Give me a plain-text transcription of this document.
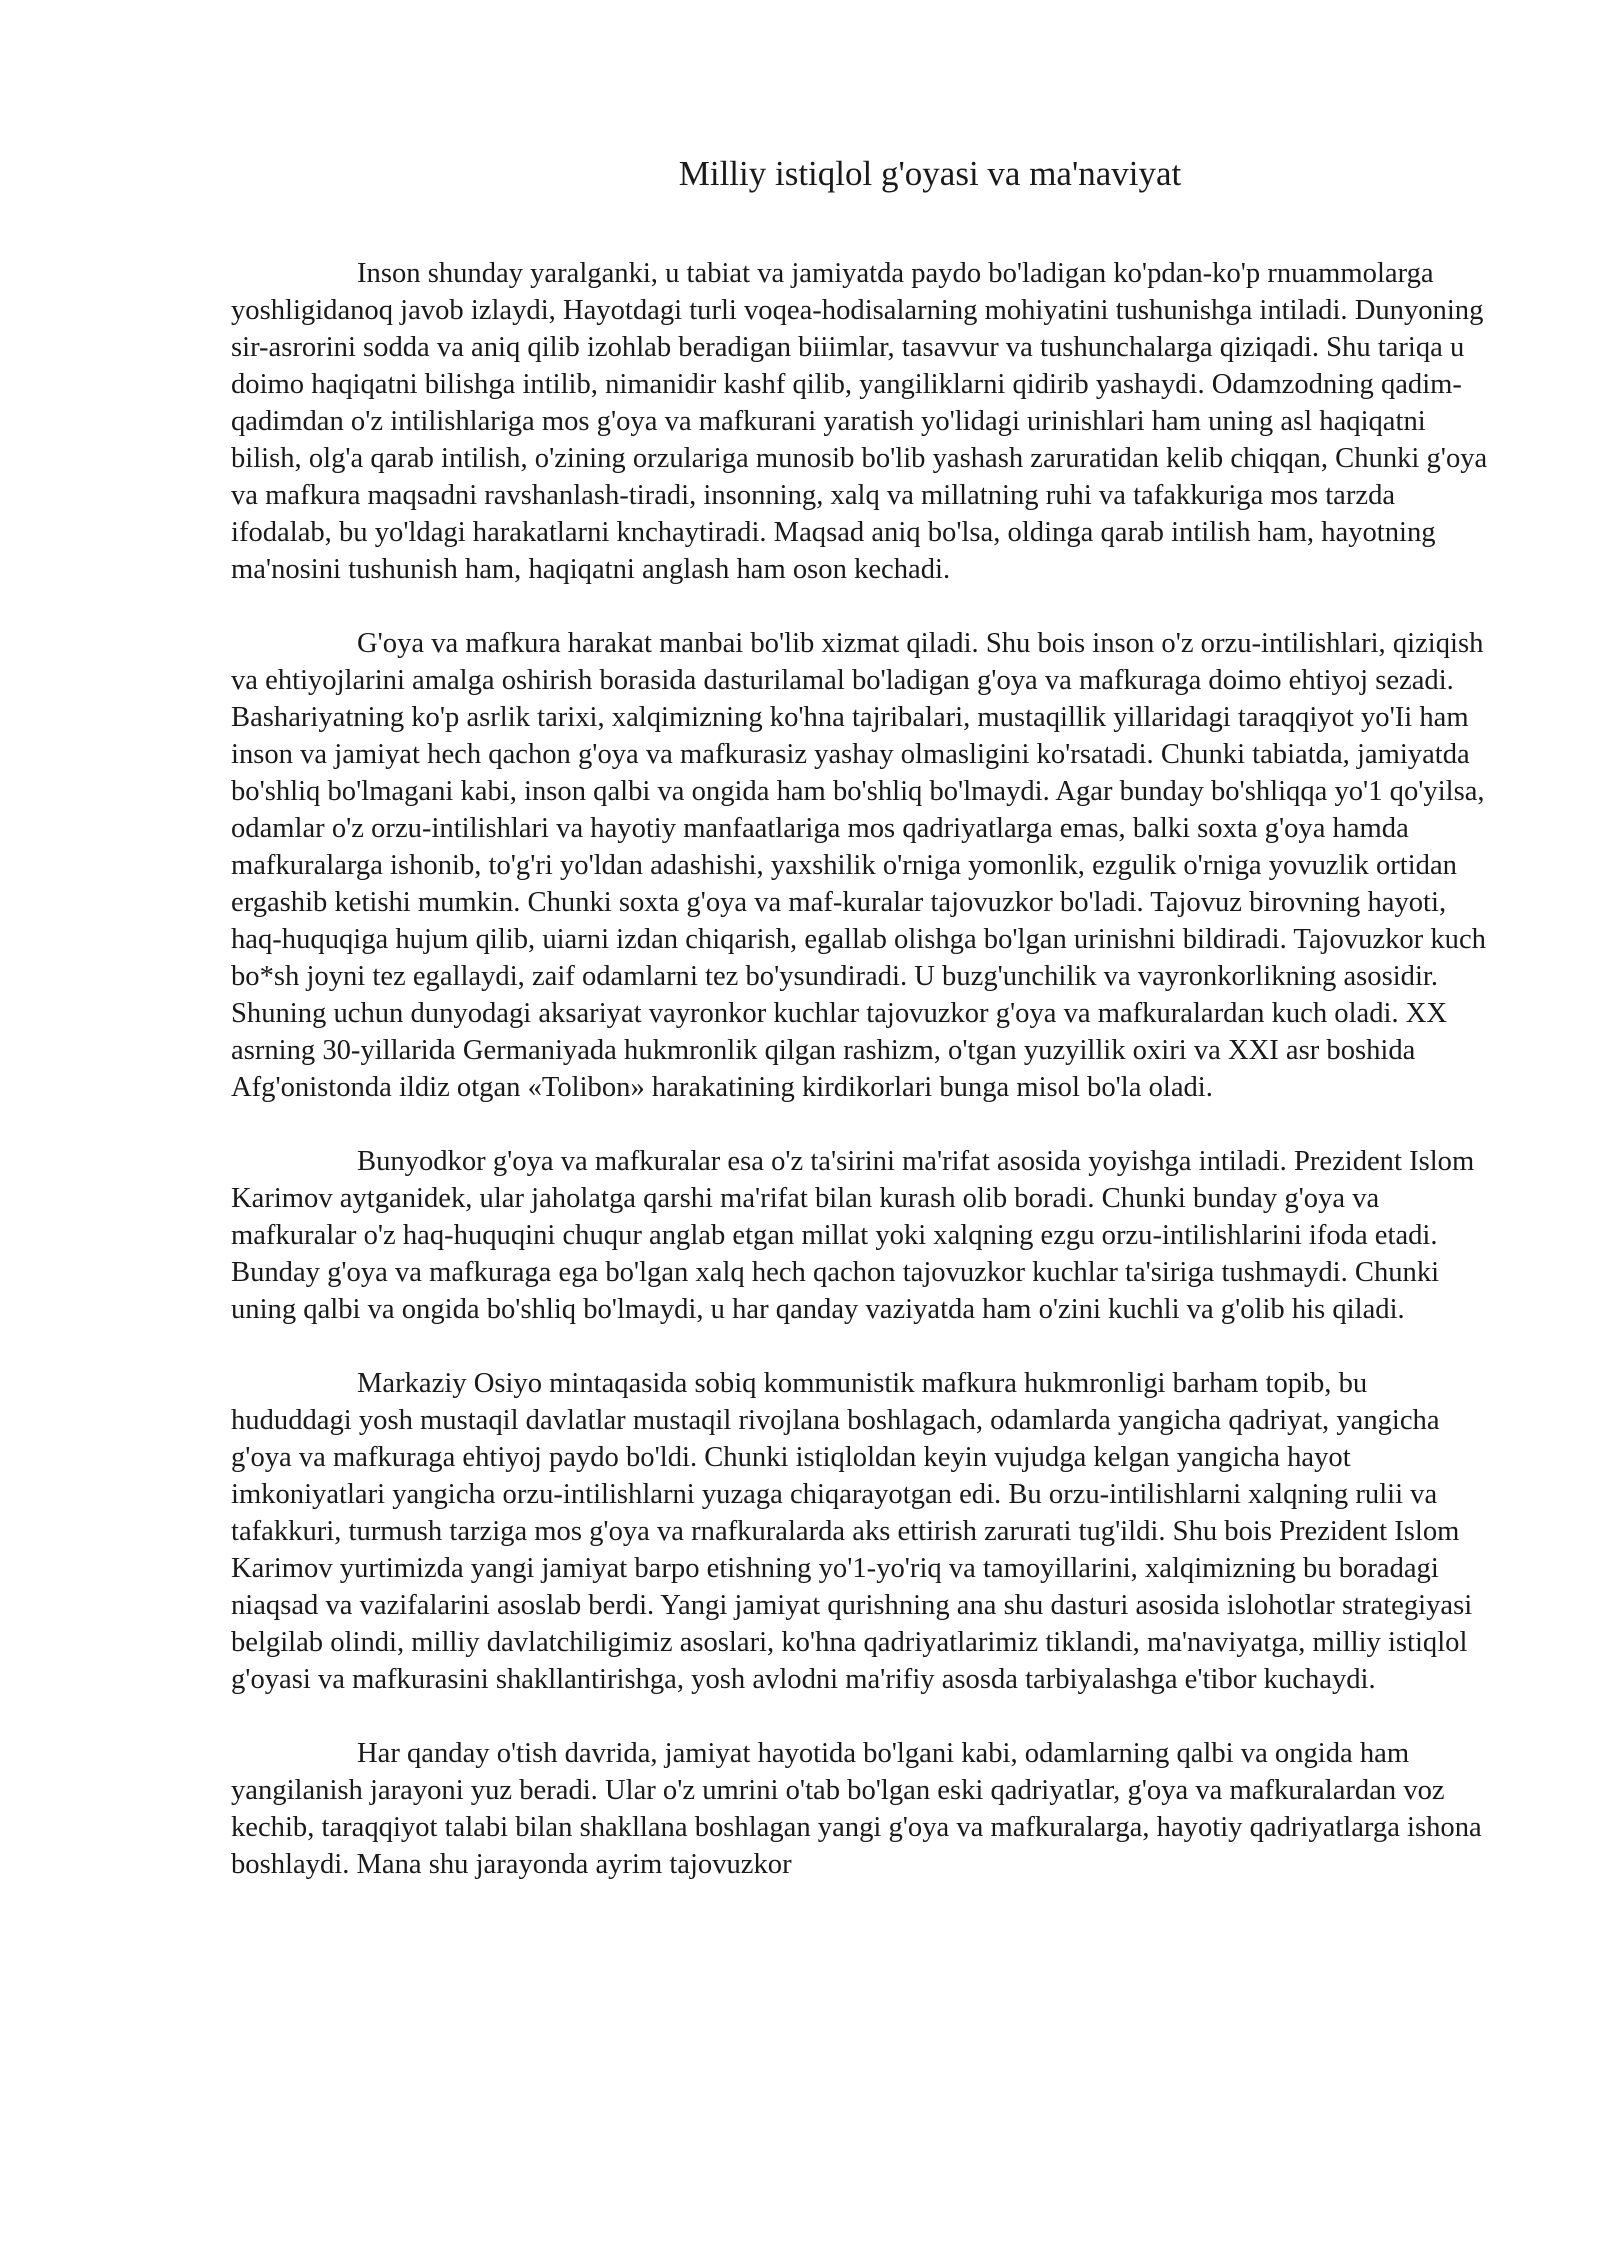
Milliy istiqlol g'oyasi va ma'naviyat

Inson shunday yaralganki, u tabiat va jamiyatda paydo bo'ladigan ko'pdan-ko'p rnuammolarga yoshligidanoq javob izlaydi, Hayotdagi turli voqea-hodisalarning mohiyatini tushunishga intiladi. Dunyoning sir-asrorini sodda va aniq qilib izohlab beradigan biiimlar, tasavvur va tushunchalarga qiziqadi. Shu tariqa u doimo haqiqatni bilishga intilib, nimanidir kashf qilib, yangiliklarni qidirib yashaydi. Odamzodning qadim-qadimdan o'z intilishlariga mos g'oya va mafkurani yaratish yo'lidagi urinishlari ham uning asl haqiqatni bilish, olg'a qarab intilish, o'zining orzulariga munosib bo'lib yashash zaruratidan kelib chiqqan, Chunki g'oya va mafkura maqsadni ravshanlash-tiradi, insonning, xalq va millatning ruhi va tafakkuriga mos tarzda ifodalab, bu yo'ldagi harakatlarni knchaytiradi. Maqsad aniq bo'lsa, oldinga qarab intilish ham, hayotning ma'nosini tushunish ham, haqiqatni anglash ham oson kechadi.

G'oya va mafkura harakat manbai bo'lib xizmat qiladi. Shu bois inson o'z orzu-intilishlari, qiziqish va ehtiyojlarini amalga oshirish borasida dasturilamal bo'ladigan g'oya va mafkuraga doimo ehtiyoj sezadi. Bashariyatning ko'p asrlik tarixi, xalqimizning ko'hna tajribalari, mustaqillik yillaridagi taraqqiyot yo'Ii ham inson va jamiyat hech qachon g'oya va mafkurasiz yashay olmasligini ko'rsatadi. Chunki tabiatda, jamiyatda bo'shliq bo'lmagani kabi, inson qalbi va ongida ham bo'shliq bo'lmaydi. Agar bunday bo'shliqqa yo'1 qo'yilsa, odamlar o'z orzu-intilishlari va hayotiy manfaatlariga mos qadriyatlarga emas, balki soxta g'oya hamda mafkuralarga ishonib, to'g'ri yo'ldan adashishi, yaxshilik o'rniga yomonlik, ezgulik o'rniga yovuzlik ortidan ergashib ketishi mumkin. Chunki soxta g'oya va maf-kuralar tajovuzkor bo'ladi. Tajovuz birovning hayoti, haq-huquqiga hujum qilib, uiarni izdan chiqarish, egallab olishga bo'lgan urinishni bildiradi. Tajovuzkor kuch bo*sh joyni tez egallaydi, zaif odamlarni tez bo'ysundiradi. U buzg'unchilik va vayronkorlikning asosidir. Shuning uchun dunyodagi aksariyat vayronkor kuchlar tajovuzkor g'oya va mafkuralardan kuch oladi. XX asrning 30-yillarida Germaniyada hukmronlik qilgan rashizm, o'tgan yuzyillik oxiri va XXI asr boshida Afg'onistonda ildiz otgan «Tolibon» harakatining kirdikorlari bunga misol bo'la oladi.

Bunyodkor g'oya va mafkuralar esa o'z ta'sirini ma'rifat asosida yoyishga intiladi. Prezident Islom Karimov aytganidek, ular jaholatga qarshi ma'rifat bilan kurash olib boradi. Chunki bunday g'oya va mafkuralar o'z haq-huquqini chuqur anglab etgan millat yoki xalqning ezgu orzu-intilishlarini ifoda etadi. Bunday g'oya va mafkuraga ega bo'lgan xalq hech qachon tajovuzkor kuchlar ta'siriga tushmaydi. Chunki uning qalbi va ongida bo'shliq bo'lmaydi, u har qanday vaziyatda ham o'zini kuchli va g'olib his qiladi.

Markaziy Osiyo mintaqasida sobiq kommunistik mafkura hukmronligi barham topib, bu hududdagi yosh mustaqil davlatlar mustaqil rivojlana boshlagach, odamlarda yangicha qadriyat, yangicha g'oya va mafkuraga ehtiyoj paydo bo'ldi. Chunki istiqloldan keyin vujudga kelgan yangicha hayot imkoniyatlari yangicha orzu-intilishlarni yuzaga chiqarayotgan edi. Bu orzu-intilishlarni xalqning rulii va tafakkuri, turmush tarziga mos g'oya va rnafkuralarda aks ettirish zarurati tug'ildi. Shu bois Prezident Islom Karimov yurtimizda yangi jamiyat barpo etishning yo'1-yo'riq va tamoyillarini, xalqimizning bu boradagi niaqsad va vazifalarini asoslab berdi. Yangi jamiyat qurishning ana shu dasturi asosida islohotlar strategiyasi belgilab olindi, milliy davlatchiligimiz asoslari, ko'hna qadriyatlarimiz tiklandi, ma'naviyatga, milliy istiqlol g'oyasi va mafkurasini shakllantirishga, yosh avlodni ma'rifiy asosda tarbiyalashga e'tibor kuchaydi.

Har qanday o'tish davrida, jamiyat hayotida bo'lgani kabi, odamlarning qalbi va ongida ham yangilanish jarayoni yuz beradi. Ular o'z umrini o'tab bo'lgan eski qadriyatlar, g'oya va mafkuralardan voz kechib, taraqqiyot talabi bilan shakllana boshlagan yangi g'oya va mafkuralarga, hayotiy qadriyatlarga ishona boshlaydi. Mana shu jarayonda ayrim tajovuzkor
